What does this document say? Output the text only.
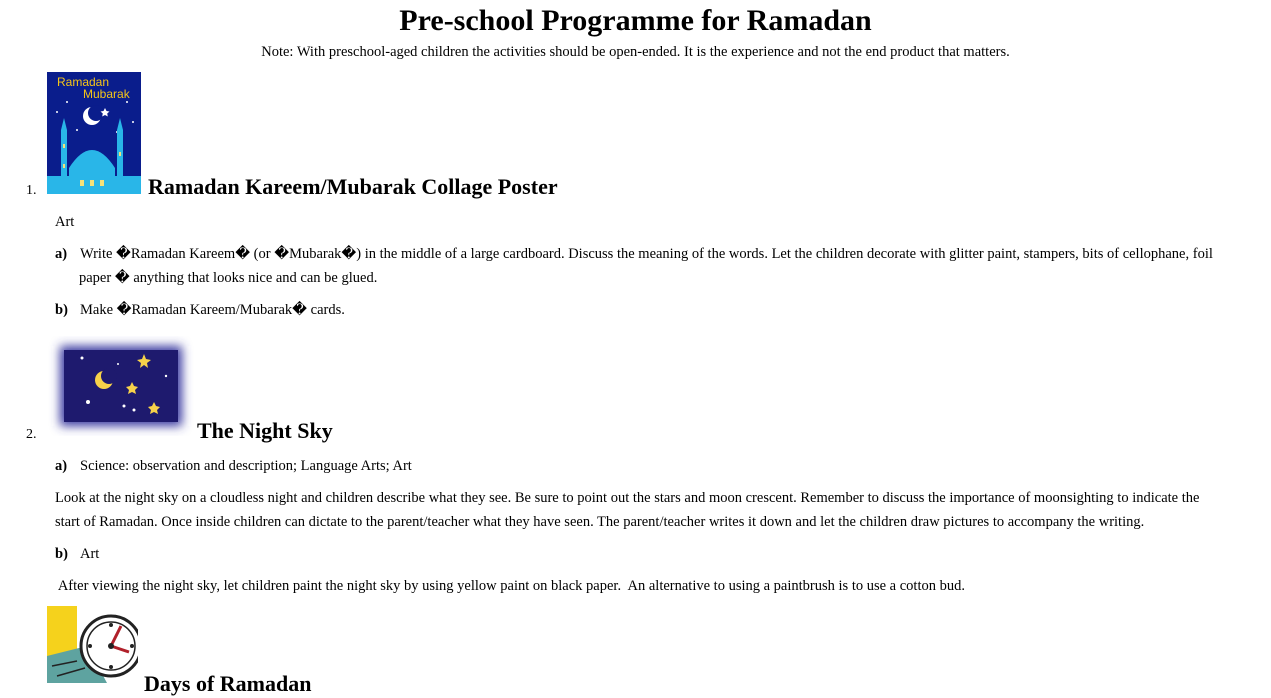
Pre-school Programme for Ramadan
Note: With preschool-aged children the activities should be open-ended. It is the experience and not the end product that matters.
Ramadan
Mubarak
1.	Ramadan Kareem/Mubarak Collage Poster
Art
a) Write �Ramadan Kareem� (or �Mubarak�) in the middle of a large cardboard. Discuss the meaning of the words. Let the children decorate with glitter paint, stampers, bits of cellophane, foil
paper � anything that looks nice and can be glued.
b) Make �Ramadan Kareem/Mubarak� cards.
2.	The Night Sky
a) Science: observation and description; Language Arts; Art
Look at the night sky on a cloudless night and children describe what they see. Be sure to point out the stars and moon crescent. Remember to discuss the importance of moonsighting to indicate the
start of Ramadan. Once inside children can dictate to the parent/teacher what they have seen. The parent/teacher writes it down and let the children draw pictures to accompany the writing.
b) Art
After viewing the night sky, let children paint the night sky by using yellow paint on black paper.  An alternative to using a paintbrush is to use a cotton bud.
Days of Ramadan
